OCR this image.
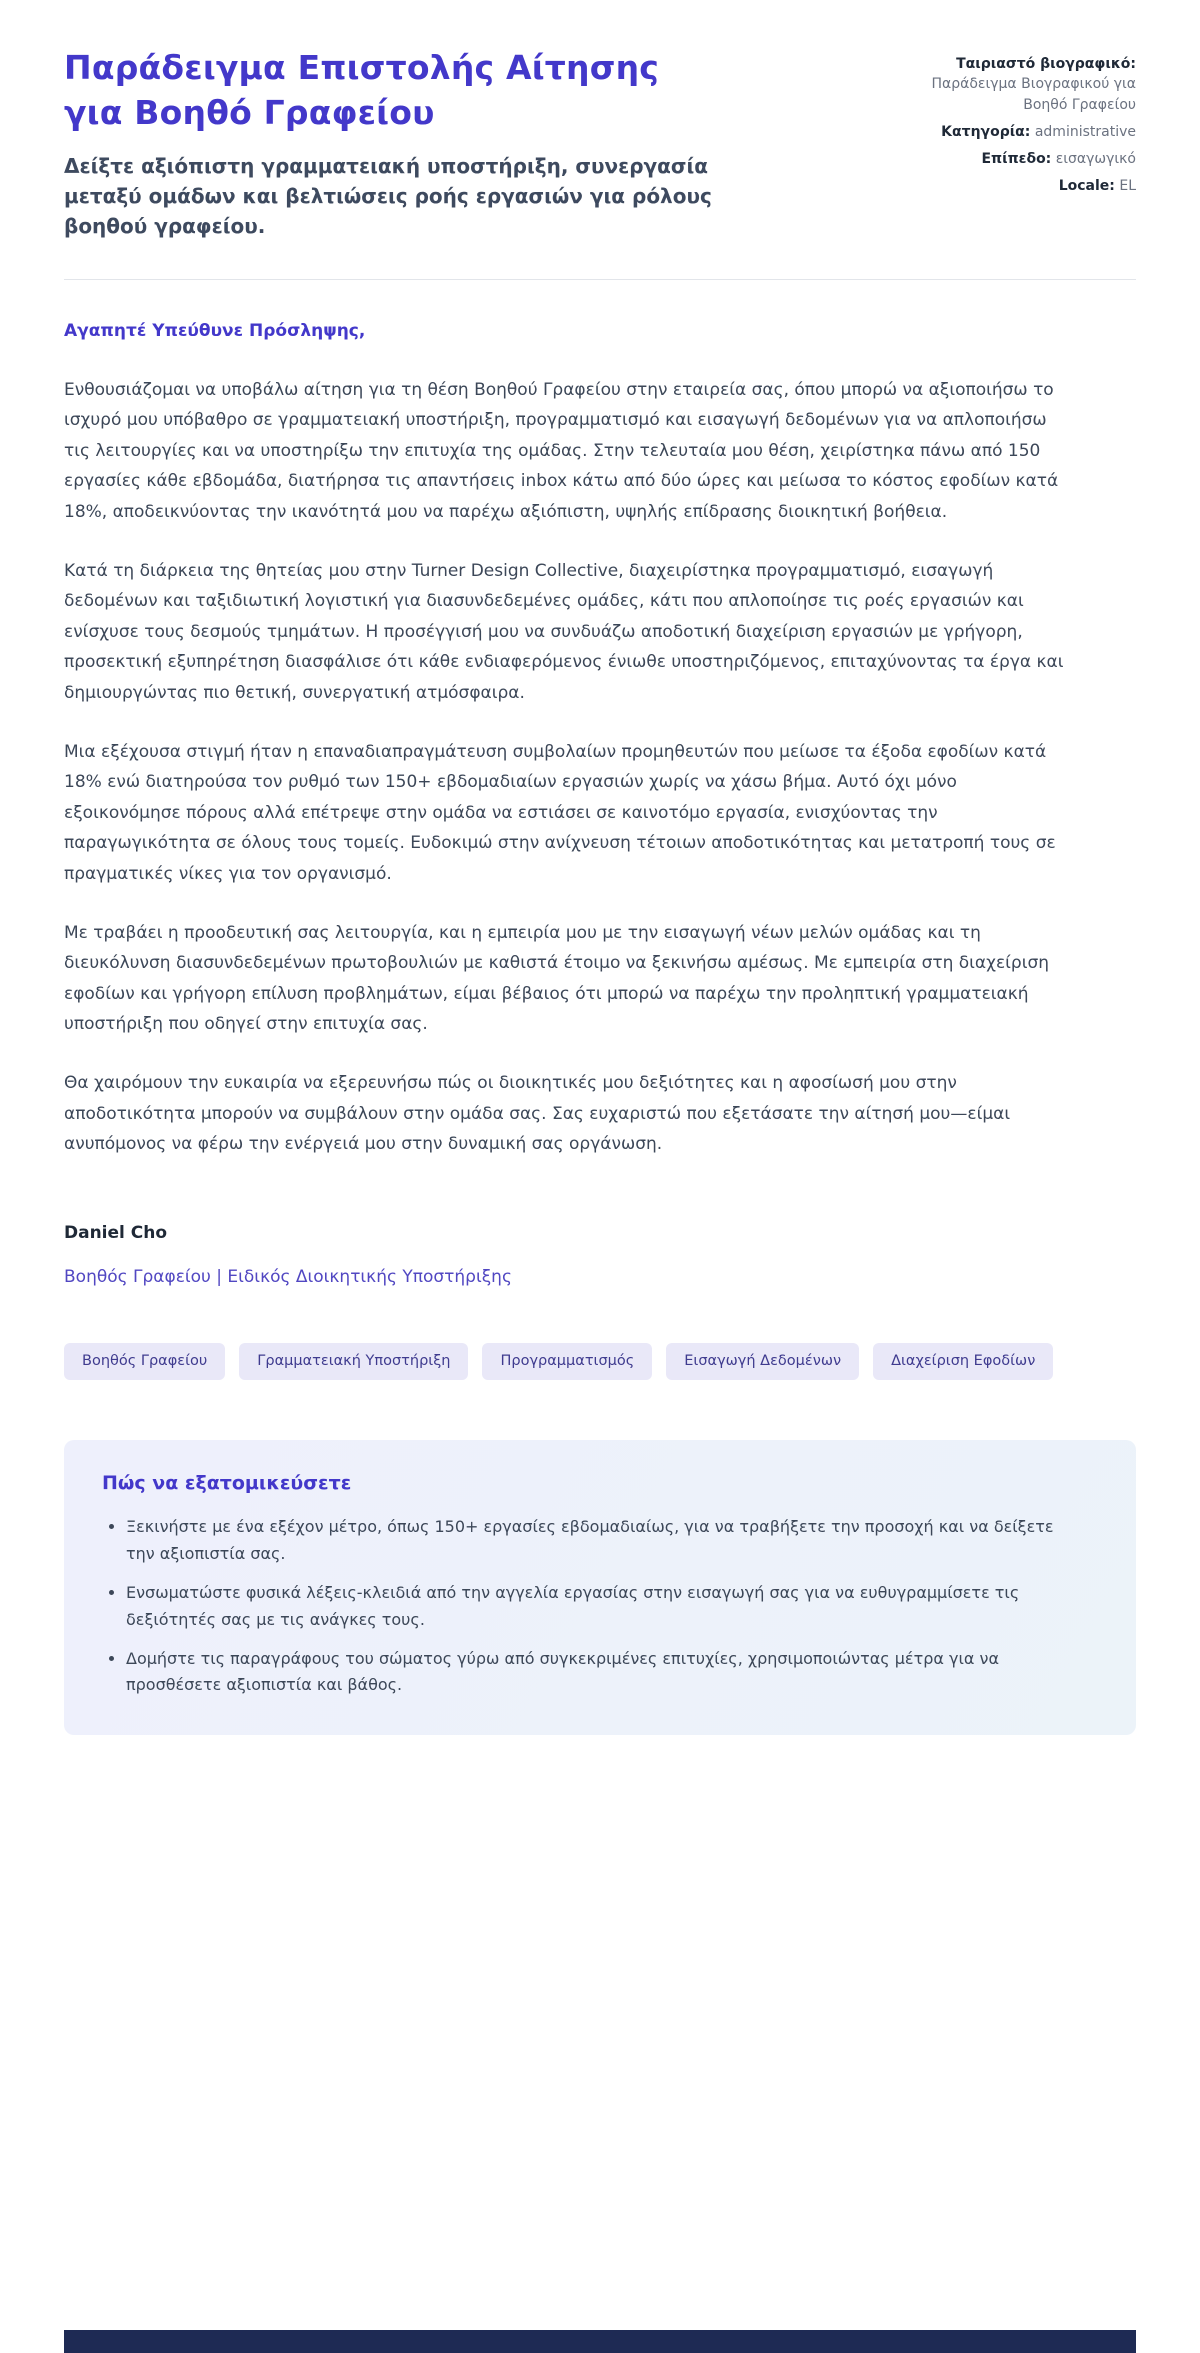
Παράδειγμα Επιστολής Αίτησης για Βοηθό Γραφείου

Δείξτε αξιόπιστη γραμματειακή υποστήριξη, συνεργασία μεταξύ ομάδων και βελτιώσεις ροής εργασιών για ρόλους βοηθού γραφείου.

Ταιριαστό βιογραφικό: Παράδειγμα Βιογραφικού για Βοηθό Γραφείου
Κατηγορία: administrative
Επίπεδο: εισαγωγικό
Locale: EL

Αγαπητέ Υπεύθυνε Πρόσληψης,

Ενθουσιάζομαι να υποβάλω αίτηση για τη θέση Βοηθού Γραφείου στην εταιρεία σας, όπου μπορώ να αξιοποιήσω το ισχυρό μου υπόβαθρο σε γραμματειακή υποστήριξη, προγραμματισμό και εισαγωγή δεδομένων για να απλοποιήσω τις λειτουργίες και να υποστηρίξω την επιτυχία της ομάδας. Στην τελευταία μου θέση, χειρίστηκα πάνω από 150 εργασίες κάθε εβδομάδα, διατήρησα τις απαντήσεις inbox κάτω από δύο ώρες και μείωσα το κόστος εφοδίων κατά 18%, αποδεικνύοντας την ικανότητά μου να παρέχω αξιόπιστη, υψηλής επίδρασης διοικητική βοήθεια.

Κατά τη διάρκεια της θητείας μου στην Turner Design Collective, διαχειρίστηκα προγραμματισμό, εισαγωγή δεδομένων και ταξιδιωτική λογιστική για διασυνδεδεμένες ομάδες, κάτι που απλοποίησε τις ροές εργασιών και ενίσχυσε τους δεσμούς τμημάτων. Η προσέγγισή μου να συνδυάζω αποδοτική διαχείριση εργασιών με γρήγορη, προσεκτική εξυπηρέτηση διασφάλισε ότι κάθε ενδιαφερόμενος ένιωθε υποστηριζόμενος, επιταχύνοντας τα έργα και δημιουργώντας πιο θετική, συνεργατική ατμόσφαιρα.

Μια εξέχουσα στιγμή ήταν η επαναδιαπραγμάτευση συμβολαίων προμηθευτών που μείωσε τα έξοδα εφοδίων κατά 18% ενώ διατηρούσα τον ρυθμό των 150+ εβδομαδιαίων εργασιών χωρίς να χάσω βήμα. Αυτό όχι μόνο εξοικονόμησε πόρους αλλά επέτρεψε στην ομάδα να εστιάσει σε καινοτόμο εργασία, ενισχύοντας την παραγωγικότητα σε όλους τους τομείς. Ευδοκιμώ στην ανίχνευση τέτοιων αποδοτικότητας και μετατροπή τους σε πραγματικές νίκες για τον οργανισμό.

Με τραβάει η προοδευτική σας λειτουργία, και η εμπειρία μου με την εισαγωγή νέων μελών ομάδας και τη διευκόλυνση διασυνδεδεμένων πρωτοβουλιών με καθιστά έτοιμο να ξεκινήσω αμέσως. Με εμπειρία στη διαχείριση εφοδίων και γρήγορη επίλυση προβλημάτων, είμαι βέβαιος ότι μπορώ να παρέχω την προληπτική γραμματειακή υποστήριξη που οδηγεί στην επιτυχία σας.

Θα χαιρόμουν την ευκαιρία να εξερευνήσω πώς οι διοικητικές μου δεξιότητες και η αφοσίωσή μου στην αποδοτικότητα μπορούν να συμβάλουν στην ομάδα σας. Σας ευχαριστώ που εξετάσατε την αίτησή μου—είμαι ανυπόμονος να φέρω την ενέργειά μου στην δυναμική σας οργάνωση.

Daniel Cho

Βοηθός Γραφείου | Ειδικός Διοικητικής Υποστήριξης

Βοηθός Γραφείου	Γραμματειακή Υποστήριξη	Προγραμματισμός	Εισαγωγή Δεδομένων	Διαχείριση Εφοδίων
Πώς να εξατομικεύσετε
• Ξεκινήστε με ένα εξέχον μέτρο, όπως 150+ εργασίες εβδομαδιαίως, για να τραβήξετε την προσοχή και να δείξετε την αξιοπιστία σας.
• Ενσωματώστε φυσικά λέξεις-κλειδιά από την αγγελία εργασίας στην εισαγωγή σας για να ευθυγραμμίσετε τις δεξιότητές σας με τις ανάγκες τους.
• Δομήστε τις παραγράφους του σώματος γύρω από συγκεκριμένες επιτυχίες, χρησιμοποιώντας μέτρα για να προσθέσετε αξιοπιστία και βάθος.
